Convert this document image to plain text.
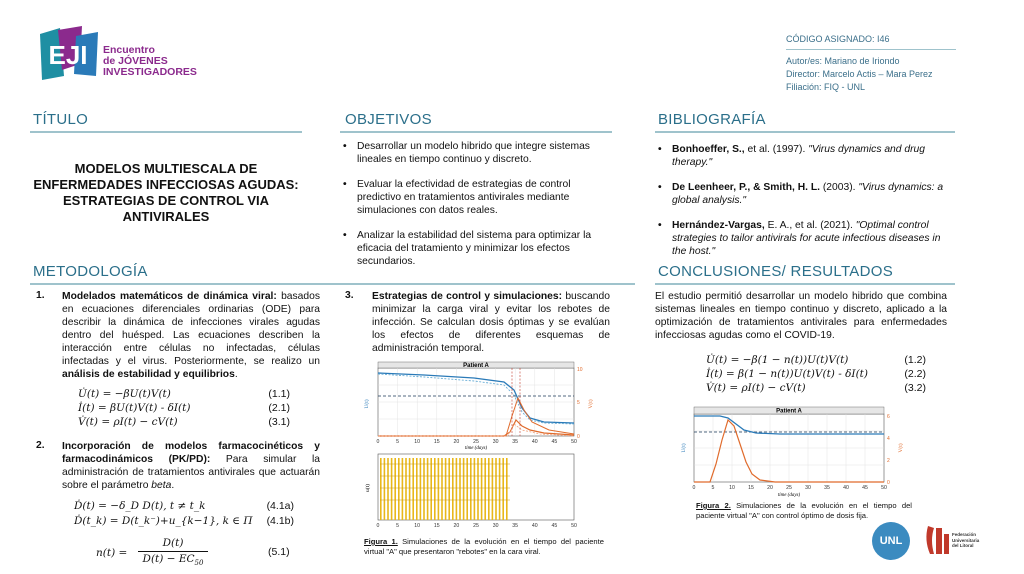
EJI Encuentro
de JÓVENES
INVESTIGADORES
CÓDIGO ASIGNADO: I46
Autor/es: Mariano de Iriondo
Director: Marcelo Actis – Mara Perez
Filiación: FIQ - UNL
TÍTULO
MODELOS MULTIESCALA DE ENFERMEDADES INFECCIOSAS AGUDAS: ESTRATEGIAS DE CONTROL VIA ANTIVIRALES
OBJETIVOS
• Desarrollar un modelo hibrido que integre sistemas lineales en tiempo continuo y discreto.
• Evaluar la efectividad de estrategias de control predictivo en tratamientos antivirales mediante simulaciones con datos reales.
• Analizar la estabilidad del sistema para optimizar la eficacia del tratamiento y minimizar los efectos secundarios.
BIBLIOGRAFÍA
• Bonhoeffer, S., et al. (1997). "Virus dynamics and drug therapy."
• De Leenheer, P., & Smith, H. L. (2003). "Virus dynamics: a global analysis."
• Hernández-Vargas, E. A., et al. (2021). "Optimal control strategies to tailor antivirals for acute infectious diseases in the host."
METODOLOGÍA
1. Modelados matemáticos de dinámica viral: basados en ecuaciones diferenciales ordinarias (ODE) para describir la dinámica de infecciones virales agudas dentro del huésped. Las ecuaciones describen la interacción entre células no infectadas, células infectadas y el virus. Posteriormente, se realizo un análisis de estabilidad y equilibrios.
U̇(t) = −βU(t)V(t)	(1.1)
İ(t) = βU(t)V(t) - δI(t)	(2.1)
V̇(t) = ρI(t) − cV(t)	(3.1)
2. Incorporación de modelos farmacocinéticos y farmacodinámicos (PK/PD): Para simular la administración de tratamientos antivirales que actuarán sobre el parámetro beta.
Ḋ(t) = −δ_D D(t), t ≠ t_k	(4.1a)
Ḋ(t_k) = D(t_k⁻)+u_{k−1}, k ∈ Π (4.1b)
n(t) =
D(t)
$D(t) - EC_{50}$
(5.1)
3. Estrategias de control y simulaciones: buscando minimizar la carga viral y evitar los rebotes de infección. Se calculan dosis óptimas y se evalúan los efectos de diferentes esquemas de administración temporal.
Patient A
0	5	10	15	20	25	30	35	40	45	50
time (days)
U(t)	V(t)
10
5
0
0	5	10	15	20	25	30	35	40	45	50
u(t)
Figura 1. Simulaciones de la evolución en el tiempo del paciente virtual "A" que presentaron "rebotes" en la cara viral.
CONCLUSIONES/ RESULTADOS
El estudio permitió desarrollar un modelo hibrido que combina sistemas lineales en tiempo continuo y discreto, aplicado a la optimización de tratamientos antivirales para enfermedades infecciosas agudas como el COVID-19.
U̇(t) = −β(1 − n(t))U(t)V(t)	(1.2)
İ(t) = β(1 − n(t))U(t)V(t) - δI(t)	(2.2)
V̇(t) = ρI(t) − cV(t)	(3.2)
Patient A
0	5	10	15	20	25	30	35	40	45	50
time (days)
U(t)	V(t)
6
4
2
0
Figura 2. Simulaciones de la evolución en el tiempo del paciente virtual "A" con control óptimo de dosis fija.
UNL
Federación Universitaria del Litoral
